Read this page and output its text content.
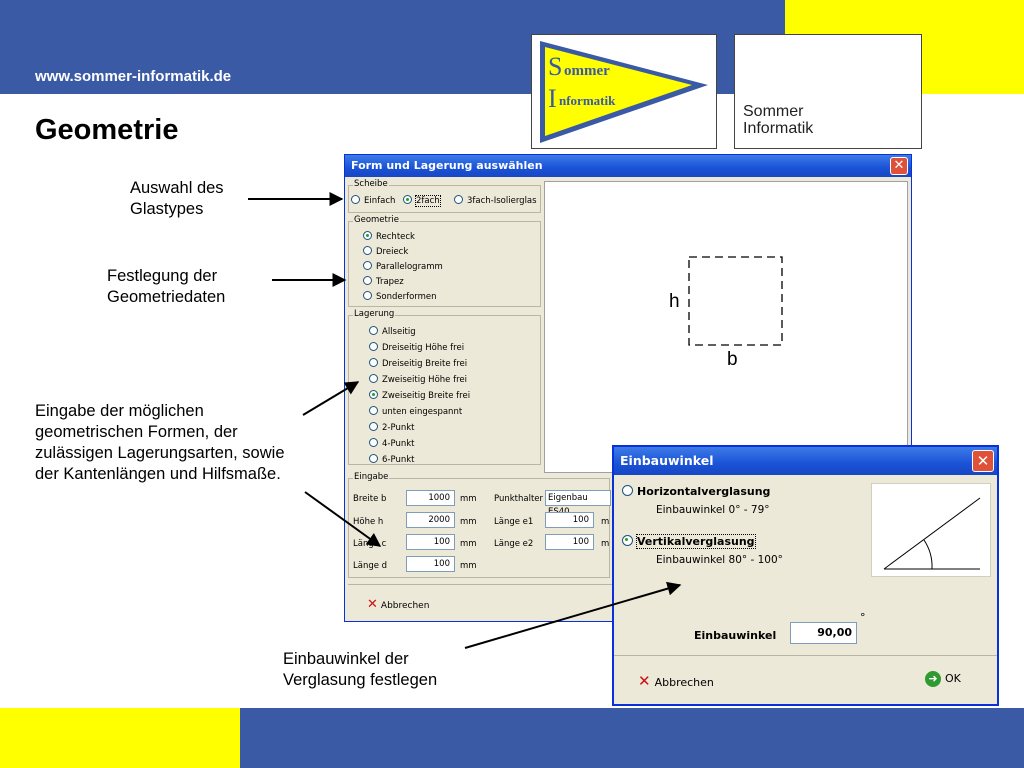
www.sommer-informatik.de
Geometrie
S ommer
I nformatik
Sommer
Informatik
Auswahl des
Glastypes
Festlegung der
Geometriedaten
Eingabe der möglichen
geometrischen Formen, der
zulässigen Lagerungsarten, sowie
der Kantenlängen und Hilfsmaße.
Einbauwinkel der
Verglasung festlegen
Form und Lagerung auswählen	✕
Scheibe
Einfach	2fach	3fach-Isolierglas
Geometrie
Rechteck
Dreieck
Parallelogramm
Trapez
Sonderformen
Lagerung
Allseitig
Dreiseitig Höhe frei
Dreiseitig Breite frei
Zweiseitig Höhe frei
Zweiseitig Breite frei
unten eingespannt
2-Punkt
4-Punkt
6-Punkt
h
b
Eingabe
Breite b	1000	mm
Höhe h	2000	mm
Länge c	100	mm
Länge d	100	mm
Punkthalter Eigenbau
Länge e1	100	m
Länge e2	100	m
✕ Abbrechen
Einbauwinkel	✕
Horizontalverglasung
Einbauwinkel 0° - 79°
Vertikalverglasung
Einbauwinkel 80° - 100°
Einbauwinkel	90,00
°
✕ Abbrechen	➜ OK
